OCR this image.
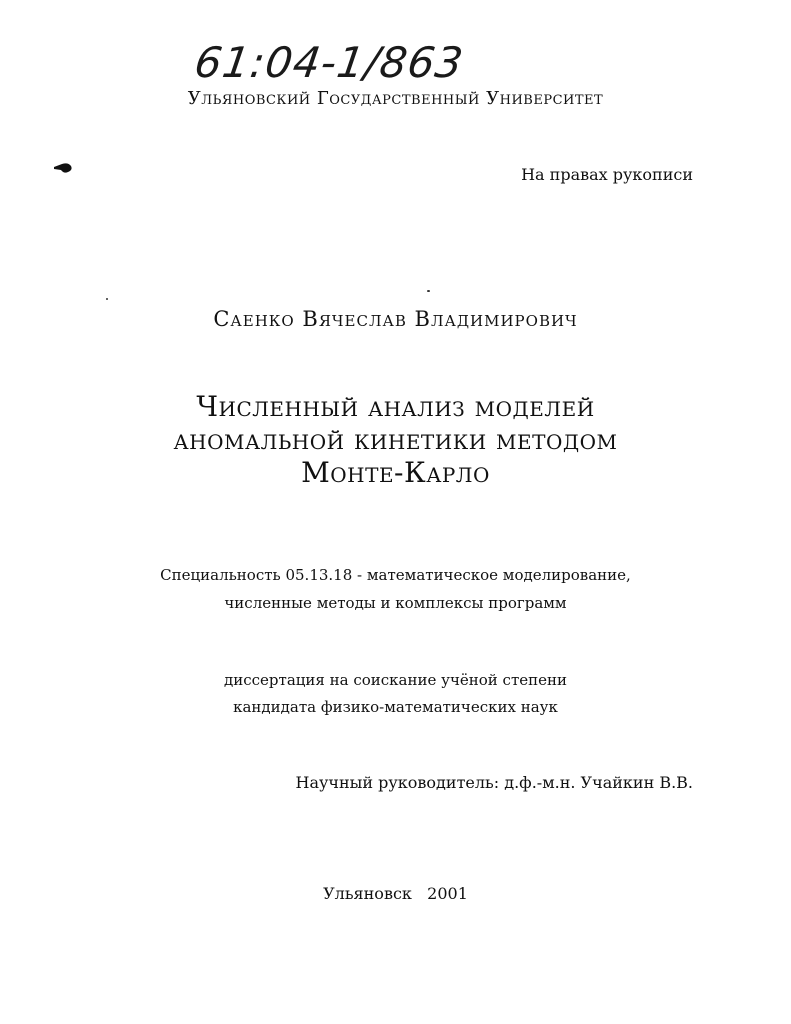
61:04-1/863
Ульяновский Государственный Университет
На правах рукописи
Саенко Вячеслав Владимирович
Численный анализ моделей
аномальной кинетики методом
Монте-Карло
Специальность 05.13.18 - математическое моделирование,
численные методы и комплексы программ
диссертация на соискание учёной степени
кандидата физико-математических наук
Научный руководитель: д.ф.-м.н. Учайкин В.В.
Ульяновск   2001
